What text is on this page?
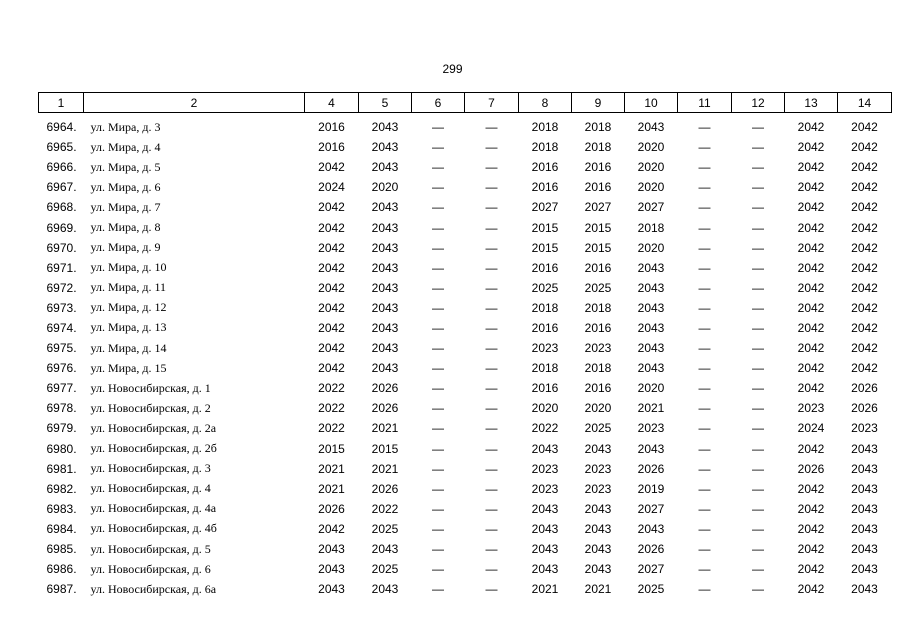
299
1	2	4	5	6	7	8	9	10	11	12	13	14
6964.	ул. Мира, д. 3	2016	2043	—	—	2018	2018	2043	—	—	2042	2042
6965.	ул. Мира, д. 4	2016	2043	—	—	2018	2018	2020	—	—	2042	2042
6966.	ул. Мира, д. 5	2042	2043	—	—	2016	2016	2020	—	—	2042	2042
6967.	ул. Мира, д. 6	2024	2020	—	—	2016	2016	2020	—	—	2042	2042
6968.	ул. Мира, д. 7	2042	2043	—	—	2027	2027	2027	—	—	2042	2042
6969.	ул. Мира, д. 8	2042	2043	—	—	2015	2015	2018	—	—	2042	2042
6970.	ул. Мира, д. 9	2042	2043	—	—	2015	2015	2020	—	—	2042	2042
6971.	ул. Мира, д. 10	2042	2043	—	—	2016	2016	2043	—	—	2042	2042
6972.	ул. Мира, д. 11	2042	2043	—	—	2025	2025	2043	—	—	2042	2042
6973.	ул. Мира, д. 12	2042	2043	—	—	2018	2018	2043	—	—	2042	2042
6974.	ул. Мира, д. 13	2042	2043	—	—	2016	2016	2043	—	—	2042	2042
6975.	ул. Мира, д. 14	2042	2043	—	—	2023	2023	2043	—	—	2042	2042
6976.	ул. Мира, д. 15	2042	2043	—	—	2018	2018	2043	—	—	2042	2042
6977.	ул. Новосибирская, д. 1	2022	2026	—	—	2016	2016	2020	—	—	2042	2026
6978.	ул. Новосибирская, д. 2	2022	2026	—	—	2020	2020	2021	—	—	2023	2026
6979.	ул. Новосибирская, д. 2а	2022	2021	—	—	2022	2025	2023	—	—	2024	2023
6980.	ул. Новосибирская, д. 2б	2015	2015	—	—	2043	2043	2043	—	—	2042	2043
6981.	ул. Новосибирская, д. 3	2021	2021	—	—	2023	2023	2026	—	—	2026	2043
6982.	ул. Новосибирская, д. 4	2021	2026	—	—	2023	2023	2019	—	—	2042	2043
6983.	ул. Новосибирская, д. 4а	2026	2022	—	—	2043	2043	2027	—	—	2042	2043
6984.	ул. Новосибирская, д. 4б	2042	2025	—	—	2043	2043	2043	—	—	2042	2043
6985.	ул. Новосибирская, д. 5	2043	2043	—	—	2043	2043	2026	—	—	2042	2043
6986.	ул. Новосибирская, д. 6	2043	2025	—	—	2043	2043	2027	—	—	2042	2043
6987.	ул. Новосибирская, д. 6а	2043	2043	—	—	2021	2021	2025	—	—	2042	2043
